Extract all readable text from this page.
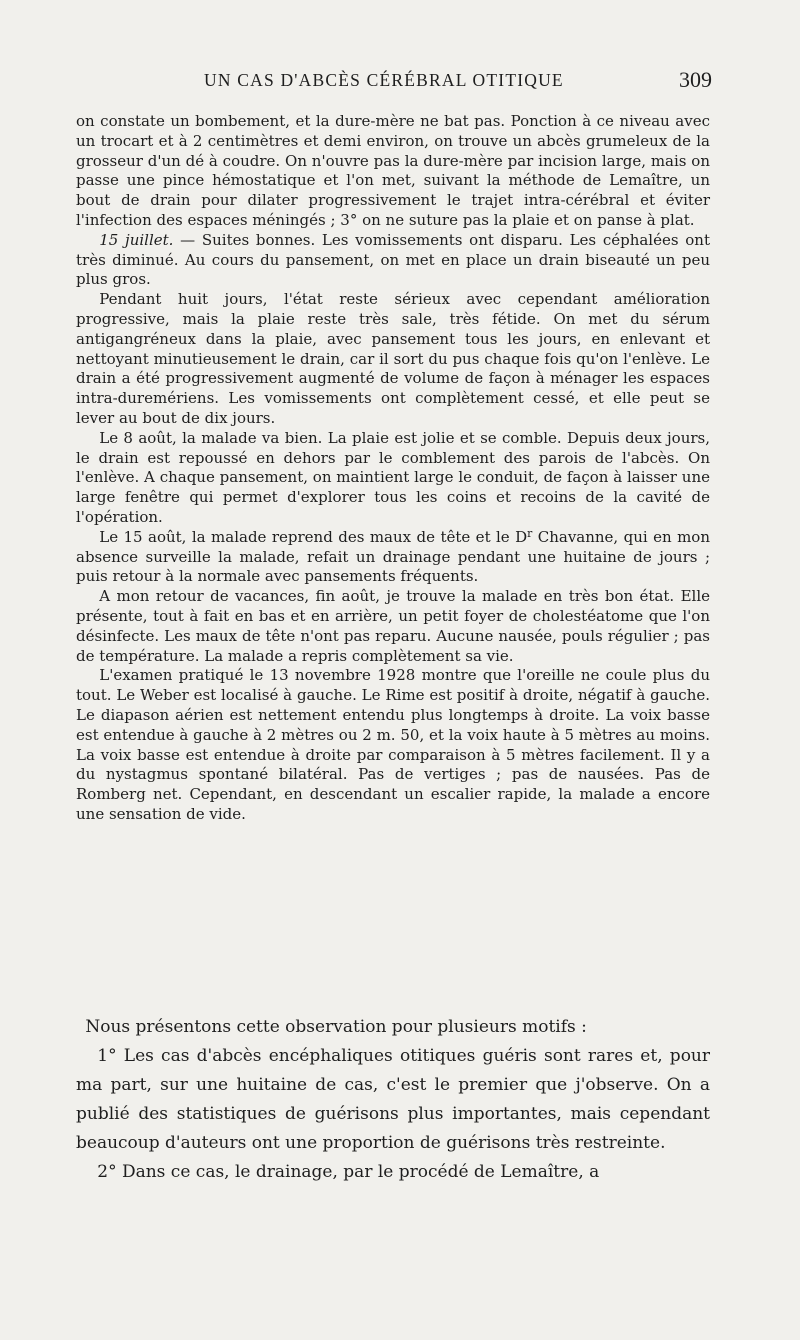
UN CAS D'ABCÈS CÉRÉBRAL OTITIQUE	309

on constate un bombement, et la dure-mère ne bat pas. Ponction à ce niveau avec un trocart et à 2 centimètres et demi environ, on trouve un abcès grumeleux de la grosseur d'un dé à coudre. On n'ouvre pas la dure-mère par incision large, mais on passe une pince hémostatique et l'on met, suivant la méthode de Lemaître, un bout de drain pour dilater progressivement le trajet intra-cérébral et éviter l'infection des espaces méningés ; 3° on ne suture pas la plaie et on panse à plat.

15 juillet. — Suites bonnes. Les vomissements ont disparu. Les céphalées ont très diminué. Au cours du pansement, on met en place un drain biseauté un peu plus gros.

Pendant huit jours, l'état reste sérieux avec cependant amélioration progressive, mais la plaie reste très sale, très fétide. On met du sérum antigangréneux dans la plaie, avec pansement tous les jours, en enlevant et nettoyant minutieusement le drain, car il sort du pus chaque fois qu'on l'enlève. Le drain a été progressivement augmenté de volume de façon à ménager les espaces intra-duremériens. Les vomissements ont complètement cessé, et elle peut se lever au bout de dix jours.

Le 8 août, la malade va bien. La plaie est jolie et se comble. Depuis deux jours, le drain est repoussé en dehors par le comblement des parois de l'abcès. On l'enlève. A chaque pansement, on maintient large le conduit, de façon à laisser une large fenêtre qui permet d'explorer tous les coins et recoins de la cavité de l'opération.

Le 15 août, la malade reprend des maux de tête et le $D^r$ Chavanne, qui en mon absence surveille la malade, refait un drainage pendant une huitaine de jours ; puis retour à la normale avec pansements fréquents.

A mon retour de vacances, fin août, je trouve la malade en très bon état. Elle présente, tout à fait en bas et en arrière, un petit foyer de cholestéatome que l'on désinfecte. Les maux de tête n'ont pas reparu. Aucune nausée, pouls régulier ; pas de température. La malade a repris complètement sa vie.

L'examen pratiqué le 13 novembre 1928 montre que l'oreille ne coule plus du tout. Le Weber est localisé à gauche. Le Rime est positif à droite, négatif à gauche. Le diapason aérien est nettement entendu plus longtemps à droite. La voix basse est entendue à gauche à 2 mètres ou 2 m. 50, et la voix haute à 5 mètres au moins. La voix basse est entendue à droite par comparaison à 5 mètres facilement. Il y a du nystagmus spontané bilatéral. Pas de vertiges ; pas de nausées. Pas de Romberg net. Cependant, en descendant un escalier rapide, la malade a encore une sensation de vide.

Nous présentons cette observation pour plusieurs motifs :

1° Les cas d'abcès encéphaliques otitiques guéris sont rares et, pour ma part, sur une huitaine de cas, c'est le premier que j'observe. On a publié des statistiques de guérisons plus importantes, mais cependant beaucoup d'auteurs ont une proportion de guérisons très restreinte.

2° Dans ce cas, le drainage, par le procédé de Lemaître, a
